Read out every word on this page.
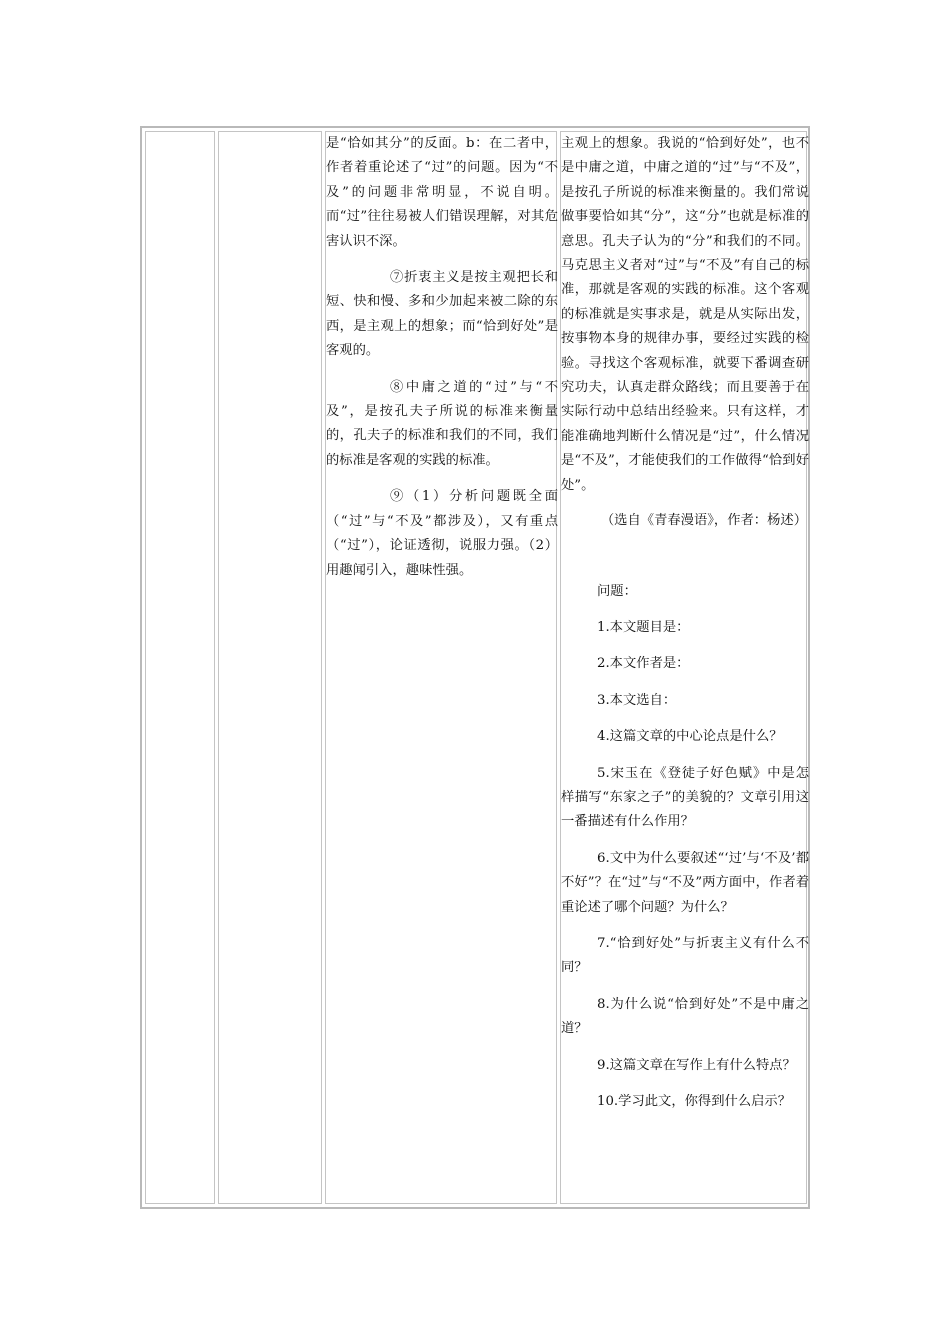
是“恰如其分”的反面。b：在二者中，作者着重论述了“过”的问题。因为“不及”的问题非常明显，不说自明。而“过”往往易被人们错误理解，对其危害认识不深。

⑦折衷主义是按主观把长和短、快和慢、多和少加起来被二除的东西，是主观上的想象；而“恰到好处”是客观的。

⑧中庸之道的“过”与“不及”，是按孔夫子所说的标准来衡量的，孔夫子的标准和我们的不同，我们的标准是客观的实践的标准。

⑨（1）分析问题既全面（“过”与“不及”都涉及），又有重点（“过”），论证透彻，说服力强。（2）用趣闻引入，趣味性强。

主观上的想象。我说的“恰到好处”，也不是中庸之道，中庸之道的“过”与“不及”，是按孔子所说的标准来衡量的。我们常说做事要恰如其“分”，这“分”也就是标准的意思。孔夫子认为的“分”和我们的不同。马克思主义者对“过”与“不及”有自己的标准，那就是客观的实践的标准。这个客观的标准就是实事求是，就是从实际出发，按事物本身的规律办事，要经过实践的检验。寻找这个客观标准，就要下番调查研究功夫，认真走群众路线；而且要善于在实际行动中总结出经验来。只有这样，才能准确地判断什么情况是“过”，什么情况是“不及”，才能使我们的工作做得“恰到好处”。

（选自《青春漫语》，作者：杨述）

问题：

1.本文题目是：

2.本文作者是：

3.本文选自：

4.这篇文章的中心论点是什么？

5.宋玉在《登徒子好色赋》中是怎样描写“东家之子”的美貌的？文章引用这一番描述有什么作用？

6.文中为什么要叙述“‘过’与‘不及’都不好”？在“过”与“不及”两方面中，作者着重论述了哪个问题？为什么？

7.“恰到好处”与折衷主义有什么不同？

8.为什么说“恰到好处”不是中庸之道？

9.这篇文章在写作上有什么特点？

10.学习此文，你得到什么启示？
